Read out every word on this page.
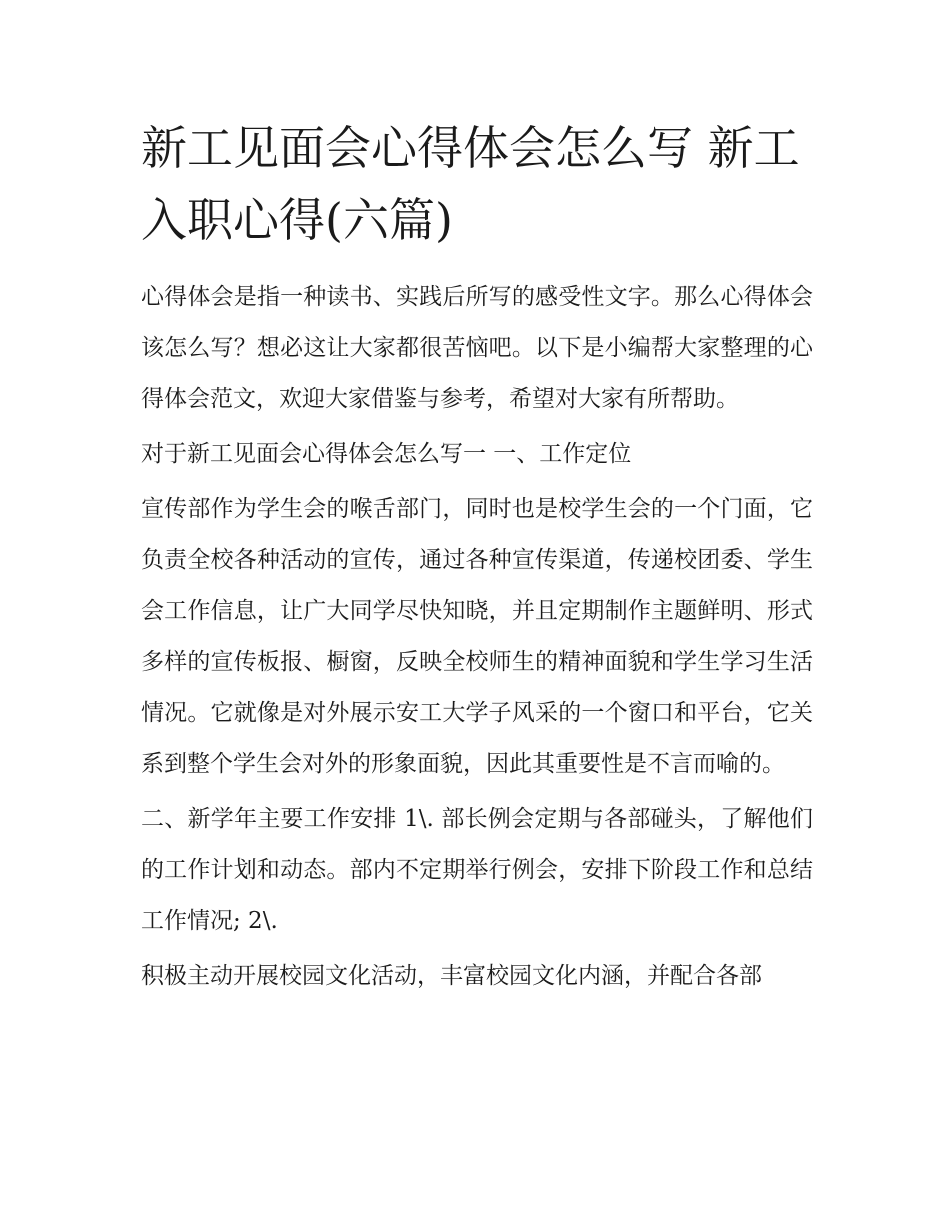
新工见面会心得体会怎么写 新工入职心得(六篇)

心得体会是指一种读书、实践后所写的感受性文字。那么心得体会该怎么写？想必这让大家都很苦恼吧。以下是小编帮大家整理的心得体会范文，欢迎大家借鉴与参考，希望对大家有所帮助。

对于新工见面会心得体会怎么写一 一、工作定位

宣传部作为学生会的喉舌部门，同时也是校学生会的一个门面，它负责全校各种活动的宣传，通过各种宣传渠道，传递校团委、学生会工作信息，让广大同学尽快知晓，并且定期制作主题鲜明、形式多样的宣传板报、橱窗，反映全校师生的精神面貌和学生学习生活情况。它就像是对外展示安工大学子风采的一个窗口和平台，它关系到整个学生会对外的形象面貌，因此其重要性是不言而喻的。

二、新学年主要工作安排 1\. 部长例会定期与各部碰头，了解他们的工作计划和动态。部内不定期举行例会，安排下阶段工作和总结工作情况; 2\.

积极主动开展校园文化活动，丰富校园文化内涵，并配合各部
